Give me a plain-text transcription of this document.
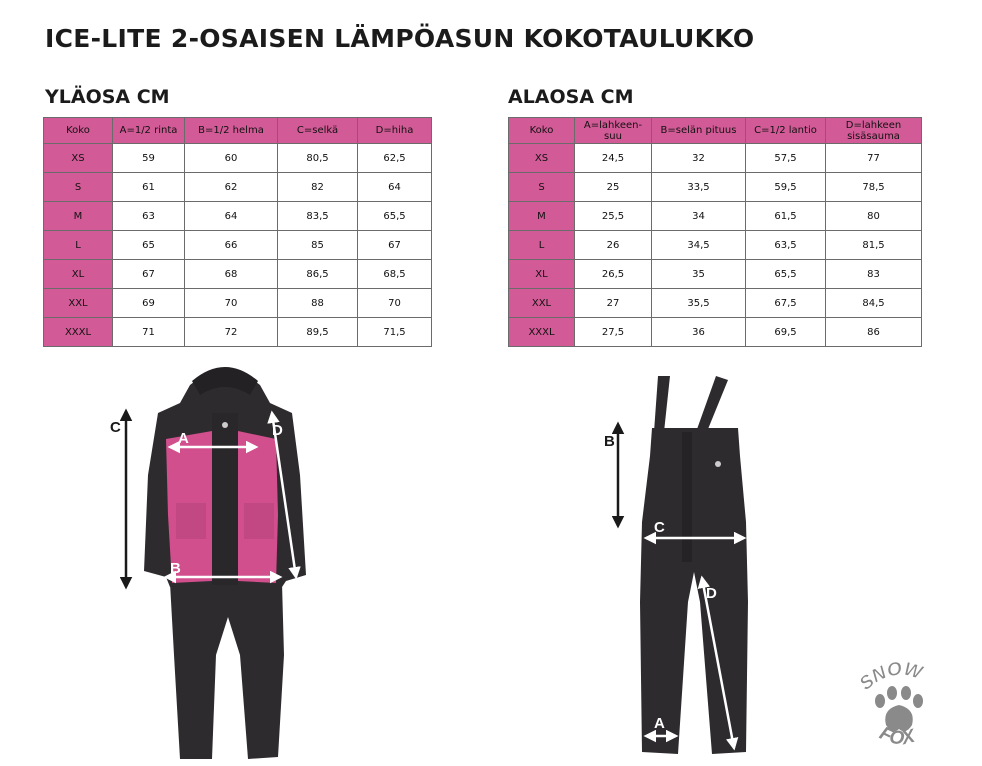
ICE-LITE 2-OSAISEN LÄMPÖASUN KOKOTAULUKKO
YLÄOSA CM	ALAOSA CM
Koko	A=1/2 rinta	B=1/2 helma	C=selkä	D=hiha
XS	59	60	80,5	62,5
S	61	62	82	64
M	63	64	83,5	65,5
L	65	66	85	67
XL	67	68	86,5	68,5
XXL	69	70	88	70
XXXL	71	72	89,5	71,5
Koko	A=lahkeen-suu	B=selän pituus	C=1/2 lantio	D=lahkeen sisäsauma
XS	24,5	32	57,5	77
S	25	33,5	59,5	78,5
M	25,5	34	61,5	80
L	26	34,5	63,5	81,5
XL	26,5	35	65,5	83
XXL	27	35,5	67,5	84,5
XXXL	27,5	36	69,5	86
C	D
A
B
B
C
D
A
SNOW
FOX
